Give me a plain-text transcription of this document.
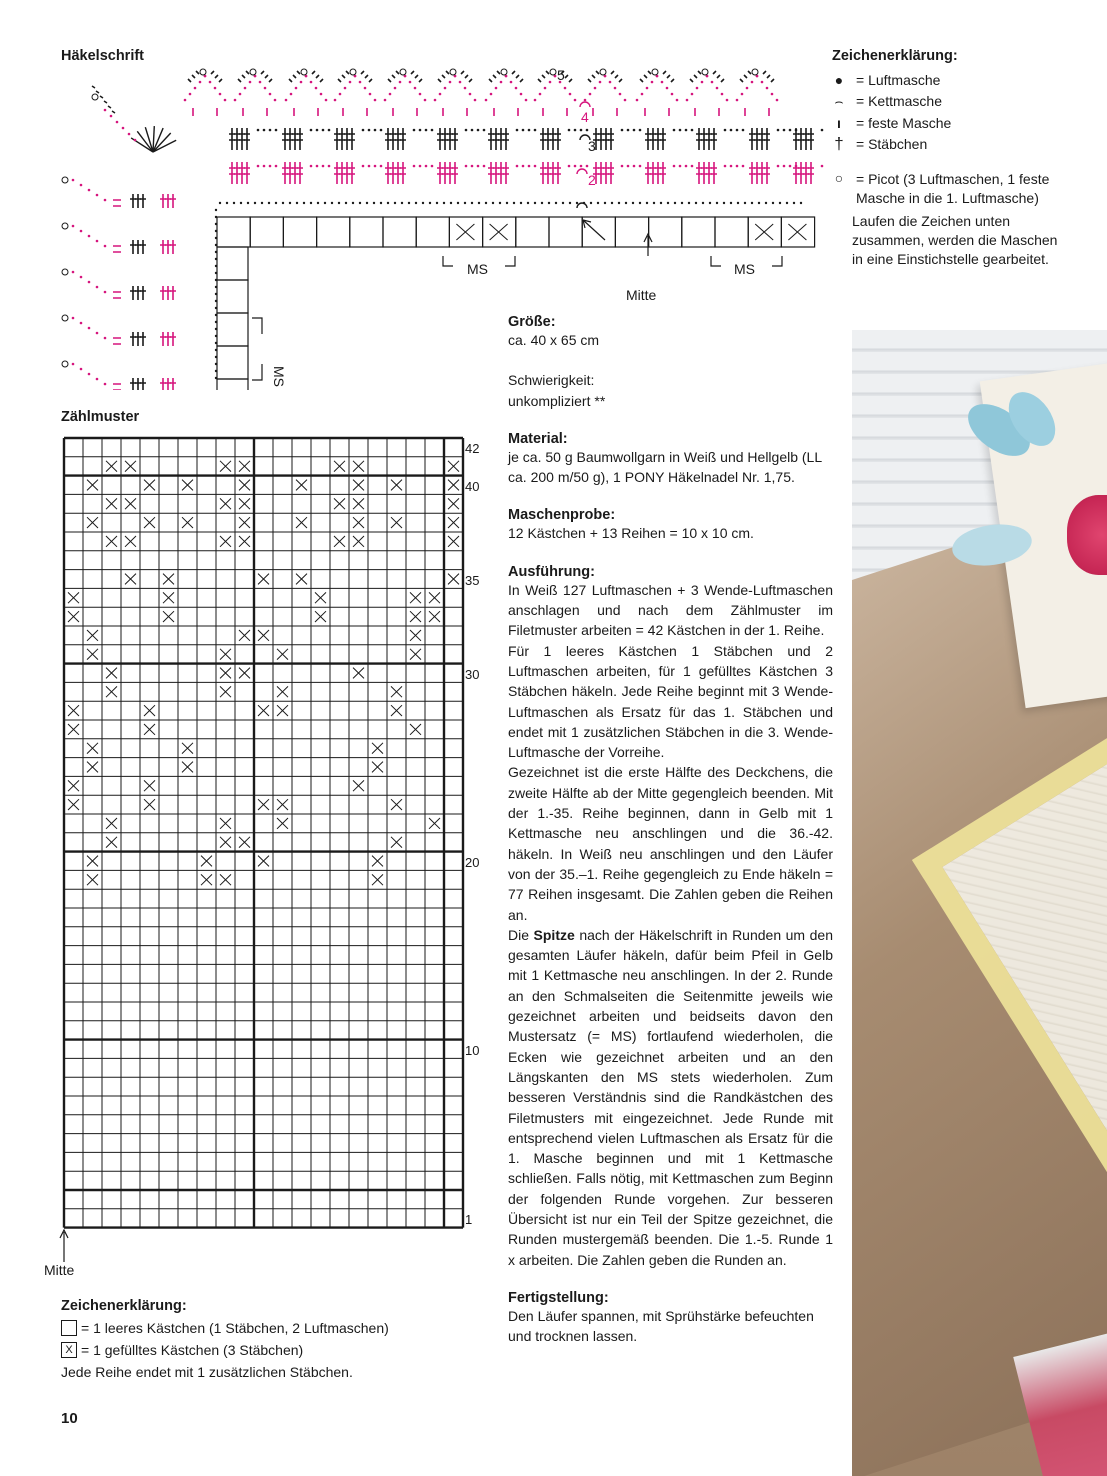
Häkelschrift
5
4
3
2
MS	MS
MS
Mitte
Zeichenerklärung:
● = Luftmasche
⌢ = Kettmasche
ı	= feste Masche
† = Stäbchen
○ = Picot (3 Luftmaschen, 1 feste Masche in die 1. Luftmasche)
Laufen die Zeichen unten zusammen, werden die Maschen in eine Einstichstelle gearbeitet.
Zählmuster
42
40
35
30
20
10
1
Mitte
Zeichenerklärung:
= 1 leeres Kästchen (1 Stäbchen, 2 Luftmaschen)
X = 1 gefülltes Kästchen (3 Stäbchen)
Jede Reihe endet mit 1 zusätzlichen Stäbchen.
10
Größe:
ca. 40 x 65 cm
Schwierigkeit:
unkompliziert **
Material:
je ca. 50 g Baumwollgarn in Weiß und Hellgelb (LL ca. 200 m/50 g), 1 PONY Häkelnadel Nr. 1,75.
Maschenprobe:
12 Kästchen + 13 Reihen = 10 x 10 cm.
Ausführung:
In Weiß 127 Luftmaschen + 3 Wende-Luftmaschen anschlagen und nach dem Zählmuster im Filetmuster arbeiten = 42 Kästchen in der 1. Reihe.
Für 1 leeres Kästchen 1 Stäbchen und 2 Luftmaschen arbeiten, für 1 gefülltes Kästchen 3 Stäbchen häkeln. Jede Reihe beginnt mit 3 Wende-Luftmaschen als Ersatz für das 1. Stäbchen und endet mit 1 zusätzlichen Stäbchen in die 3. Wende-Luftmasche der Vorreihe.
Gezeichnet ist die erste Hälfte des Deckchens, die zweite Hälfte ab der Mitte gegengleich beenden. Mit der 1.-35. Reihe beginnen, dann in Gelb mit 1 Kettmasche neu anschlingen und die 36.-42. häkeln. In Weiß neu anschlingen und den Läufer von der 35.–1. Reihe gegengleich zu Ende häkeln = 77 Reihen insgesamt. Die Zahlen geben die Reihen an.
Die Spitze nach der Häkelschrift in Runden um den gesamten Läufer häkeln, dafür beim Pfeil in Gelb mit 1 Kettmasche neu anschlingen. In der 2. Runde an den Schmalseiten die Seitenmitte jeweils wie gezeichnet arbeiten und beidseits davon den Mustersatz (= MS) fortlaufend wiederholen, die Ecken wie gezeichnet arbeiten und an den Längskanten den MS stets wiederholen. Zum besseren Verständnis sind die Randkästchen des Filetmusters mit eingezeichnet. Jede Runde mit entsprechend vielen Luftmaschen als Ersatz für die 1. Masche beginnen und mit 1 Kettmasche schließen. Falls nötig, mit Kettmaschen zum Beginn der folgenden Runde vorgehen. Zur besseren Übersicht ist nur ein Teil der Spitze gezeichnet, die Runden mustergemäß beenden. Die 1.-5. Runde 1 x arbeiten. Die Zahlen geben die Runden an.
Fertigstellung:
Den Läufer spannen, mit Sprühstärke befeuchten und trocknen lassen.
